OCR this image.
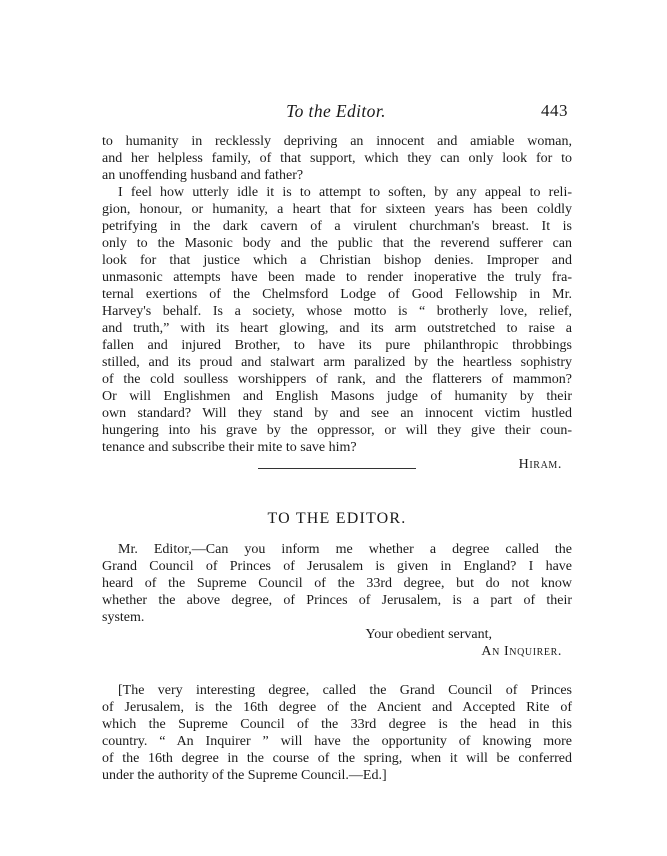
To the Editor.	443
to humanity in recklessly depriving an innocent and amiable woman,
and her helpless family, of that support, which they can only look for to
an unoffending husband and father?
I feel how utterly idle it is to attempt to soften, by any appeal to reli-
gion, honour, or humanity, a heart that for sixteen years has been coldly
petrifying in the dark cavern of a virulent churchman's breast. It is
only to the Masonic body and the public that the reverend sufferer can
look for that justice which a Christian bishop denies. Improper and
unmasonic attempts have been made to render inoperative the truly fra-
ternal exertions of the Chelmsford Lodge of Good Fellowship in Mr.
Harvey's behalf. Is a society, whose motto is “ brotherly love, relief,
and truth,” with its heart glowing, and its arm outstretched to raise a
fallen and injured Brother, to have its pure philanthropic throbbings
stilled, and its proud and stalwart arm paralized by the heartless sophistry
of the cold soulless worshippers of rank, and the flatterers of mammon?
Or will Englishmen and English Masons judge of humanity by their
own standard? Will they stand by and see an innocent victim hustled
hungering into his grave by the oppressor, or will they give their coun-
tenance and subscribe their mite to save him?
Hiram.
TO THE EDITOR.
Mr. Editor,—Can you inform me whether a degree called the
Grand Council of Princes of Jerusalem is given in England? I have
heard of the Supreme Council of the 33rd degree, but do not know
whether the above degree, of Princes of Jerusalem, is a part of their
system.
Your obedient servant,
An Inquirer.
[The very interesting degree, called the Grand Council of Princes
of Jerusalem, is the 16th degree of the Ancient and Accepted Rite of
which the Supreme Council of the 33rd degree is the head in this
country. “ An Inquirer ” will have the opportunity of knowing more
of the 16th degree in the course of the spring, when it will be conferred
under the authority of the Supreme Council.—Ed.]
